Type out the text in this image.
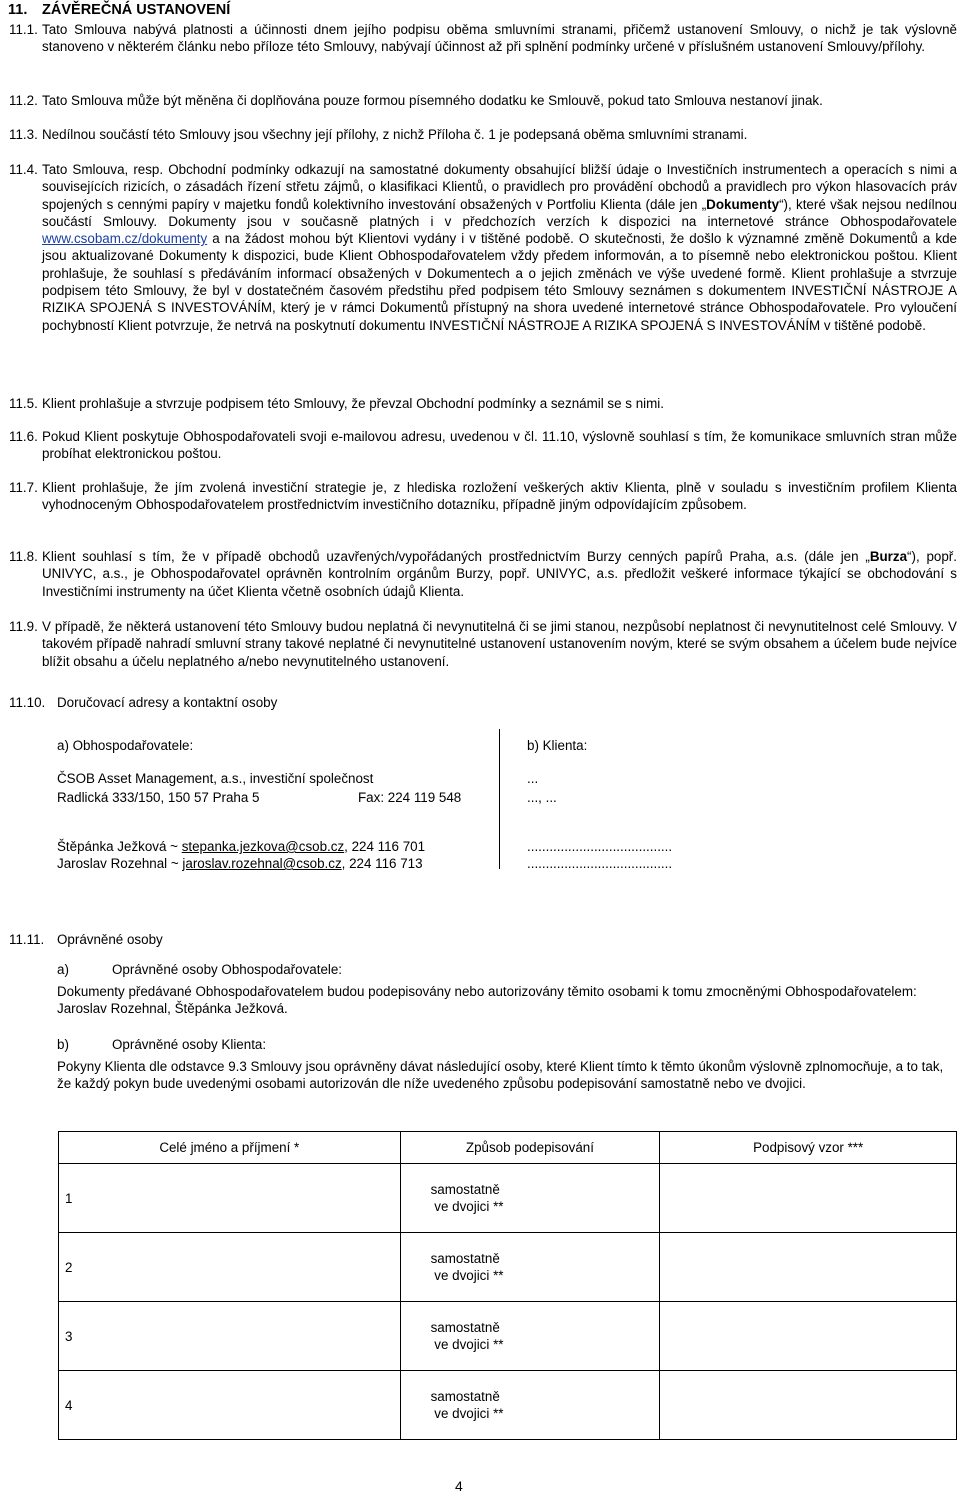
11. ZÁVĚREČNÁ USTANOVENÍ
11.1. Tato Smlouva nabývá platnosti a účinnosti dnem jejího podpisu oběma smluvními stranami, přičemž ustanovení Smlouvy, o nichž je tak výslovně stanoveno v některém článku nebo příloze této Smlouvy, nabývají účinnost až při splnění podmínky určené v příslušném ustanovení Smlouvy/přílohy.
11.2. Tato Smlouva může být měněna či doplňována pouze formou písemného dodatku ke Smlouvě, pokud tato Smlouva nestanoví jinak.
11.3. Nedílnou součástí této Smlouvy jsou všechny její přílohy, z nichž Příloha č. 1 je podepsaná oběma smluvními stranami.
11.4. Tato Smlouva, resp. Obchodní podmínky odkazují na samostatné dokumenty obsahující bližší údaje o Investičních instrumentech a operacích s nimi a souvisejících rizicích, o zásadách řízení střetu zájmů, o klasifikaci Klientů, o pravidlech pro provádění obchodů a pravidlech pro výkon hlasovacích práv spojených s cennými papíry v majetku fondů kolektivního investování obsažených v Portfoliu Klienta (dále jen „Dokumenty“), které však nejsou nedílnou součástí Smlouvy. Dokumenty jsou v současně platných i v předchozích verzích k dispozici na internetové stránce Obhospodařovatele www.csobam.cz/dokumenty a na žádost mohou být Klientovi vydány i v tištěné podobě. O skutečnosti, že došlo k významné změně Dokumentů a kde jsou aktualizované Dokumenty k dispozici, bude Klient Obhospodařovatelem vždy předem informován, a to písemně nebo elektronickou poštou. Klient prohlašuje, že souhlasí s předáváním informací obsažených v Dokumentech a o jejich změnách ve výše uvedené formě. Klient prohlašuje a stvrzuje podpisem této Smlouvy, že byl v dostatečném časovém předstihu před podpisem této Smlouvy seznámen s dokumentem INVESTIČNÍ NÁSTROJE A RIZIKA SPOJENÁ S INVESTOVÁNÍM, který je v rámci Dokumentů přístupný na shora uvedené internetové stránce Obhospodařovatele. Pro vyloučení pochybností Klient potvrzuje, že netrvá na poskytnutí dokumentu INVESTIČNÍ NÁSTROJE A RIZIKA SPOJENÁ S INVESTOVÁNÍM v tištěné podobě.
11.5. Klient prohlašuje a stvrzuje podpisem této Smlouvy, že převzal Obchodní podmínky a seznámil se s nimi.
11.6. Pokud Klient poskytuje Obhospodařovateli svoji e-mailovou adresu, uvedenou v čl. 11.10, výslovně souhlasí s tím, že komunikace smluvních stran může probíhat elektronickou poštou.
11.7. Klient prohlašuje, že jím zvolená investiční strategie je, z hlediska rozložení veškerých aktiv Klienta, plně v souladu s investičním profilem Klienta vyhodnoceným Obhospodařovatelem prostřednictvím investičního dotazníku, případně jiným odpovídajícím způsobem.
11.8. Klient souhlasí s tím, že v případě obchodů uzavřených/vypořádaných prostřednictvím Burzy cenných papírů Praha, a.s. (dále jen „Burza“), popř. UNIVYC, a.s., je Obhospodařovatel oprávněn kontrolním orgánům Burzy, popř. UNIVYC, a.s. předložit veškeré informace týkající se obchodování s Investičními instrumenty na účet Klienta včetně osobních údajů Klienta.
11.9. V případě, že některá ustanovení této Smlouvy budou neplatná či nevynutitelná či se jimi stanou, nezpůsobí neplatnost či nevynutitelnost celé Smlouvy. V takovém případě nahradí smluvní strany takové neplatné či nevynutitelné ustanovení ustanovením novým, které se svým obsahem a účelem bude nejvíce blížit obsahu a účelu neplatného a/nebo nevynutitelného ustanovení.
11.10. Doručovací adresy a kontaktní osoby
a) Obhospodařovatele:
ČSOB Asset Management, a.s., investiční společnost
Radlická 333/150, 150 57 Praha 5	Fax: 224 119 548
Štěpánka Ježková ~ stepanka.jezkova@csob.cz, 224 116 701
Jaroslav Rozehnal ~ jaroslav.rozehnal@csob.cz, 224 116 713
b) Klienta:
...
..., ...
.......................................
.......................................
11.11. Oprávněné osoby
a)	Oprávněné osoby Obhospodařovatele:
Dokumenty předávané Obhospodařovatelem budou podepisovány nebo autorizovány těmito osobami k tomu zmocněnými Obhospodařovatelem: Jaroslav Rozehnal, Štěpánka Ježková.
b)	Oprávněné osoby Klienta:
Pokyny Klienta dle odstavce 9.3 Smlouvy jsou oprávněny dávat následující osoby, které Klient tímto k těmto úkonům výslovně zplnomocňuje, a to tak, že každý pokyn bude uvedenými osobami autorizován dle níže uvedeného způsobu podepisování samostatně nebo ve dvojici.
Celé jméno a příjmení *	Způsob podepisování	Podpisový vzor ***
1	samostatně
ve dvojici **	
2	samostatně
ve dvojici **	
3	samostatně
ve dvojici **	
4	samostatně
ve dvojici **	
4
